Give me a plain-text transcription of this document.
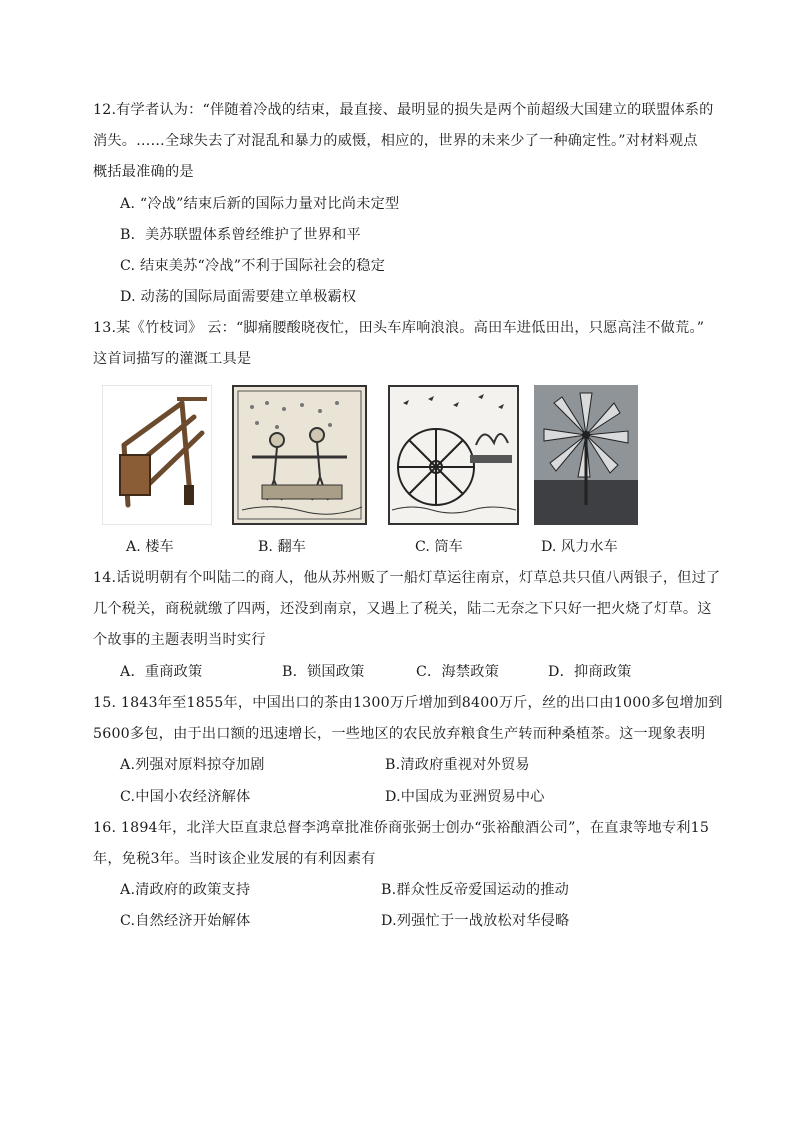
12.有学者认为：“伴随着冷战的结束，最直接、最明显的损失是两个前超级大国建立的联盟体系的
消失。……全球失去了对混乱和暴力的威慑，相应的，世界的未来少了一种确定性。”对材料观点
概括最准确的是
A. “冷战”结束后新的国际力量对比尚未定型
B．美苏联盟体系曾经维护了世界和平
C. 结束美苏“冷战”不利于国际社会的稳定
D. 动荡的国际局面需要建立单极霸权
13.某《竹枝词》 云：“脚痛腰酸晓夜忙，田头车库响浪浪。高田车进低田出，只愿高洼不做荒。”
这首词描写的灌溉工具是
A. 楼车	B. 翻车	C. 筒车	D. 风力水车
14.话说明朝有个叫陆二的商人，他从苏州贩了一船灯草运往南京，灯草总共只值八两银子，但过了
几个税关，商税就缴了四两，还没到南京，又遇上了税关，陆二无奈之下只好一把火烧了灯草。这
个故事的主题表明当时实行
A．重商政策	B．锁国政策	C．海禁政策	D．抑商政策
15. 1843年至1855年，中国出口的茶由1300万斤增加到8400万斤，丝的出口由1000多包增加到
5600多包，由于出口额的迅速增长，一些地区的农民放弃粮食生产转而种桑植茶。这一现象表明
A.列强对原料掠夺加剧	B.清政府重视对外贸易
C.中国小农经济解体	D.中国成为亚洲贸易中心
16. 1894年，北洋大臣直隶总督李鸿章批准侨商张弼士创办“张裕酿酒公司”，在直隶等地专利15
年，免税3年。当时该企业发展的有利因素有
A.清政府的政策支持	B.群众性反帝爱国运动的推动
C.自然经济开始解体	D.列强忙于一战放松对华侵略
